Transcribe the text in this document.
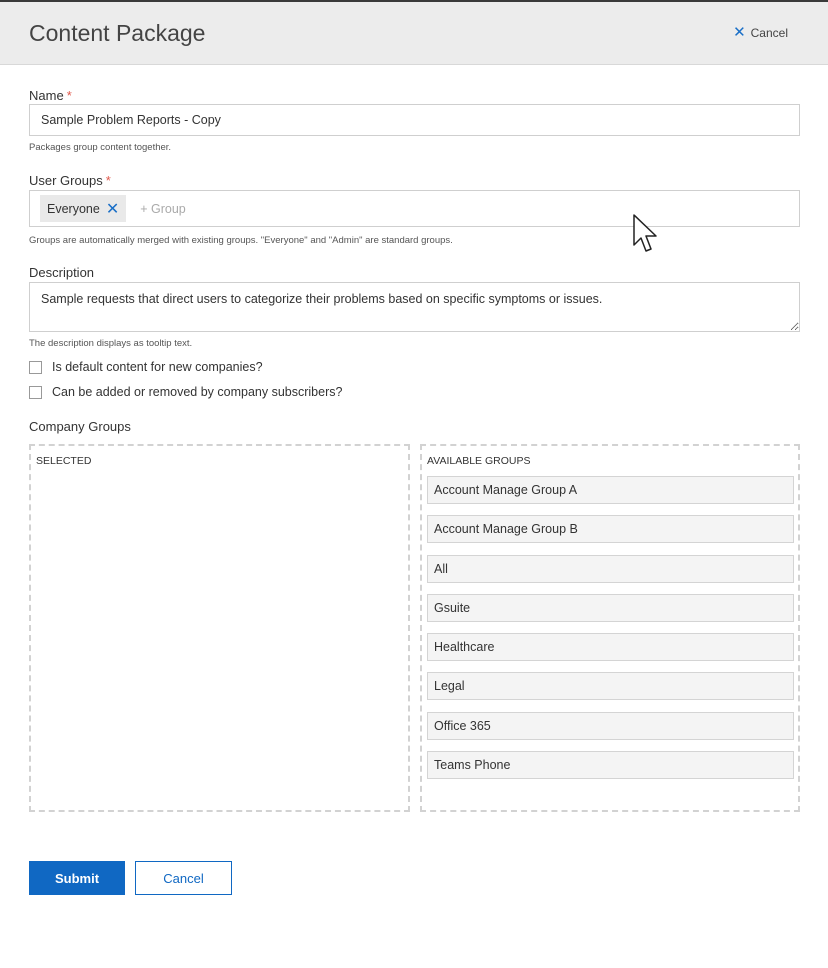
Content Package	✕ Cancel
Name *
Sample Problem Reports - Copy
Packages group content together.
User Groups *
Everyone ✕
+ Group
Groups are automatically merged with existing groups. "Everyone" and "Admin" are standard groups.
Description
Sample requests that direct users to categorize their problems based on specific symptoms or issues.
The description displays as tooltip text.
Is default content for new companies?
Can be added or removed by company subscribers?
Company Groups
SELECTED	AVAILABLE GROUPS
Account Manage Group A
Account Manage Group B
All
Gsuite
Healthcare
Legal
Office 365
Teams Phone
Submit	Cancel
